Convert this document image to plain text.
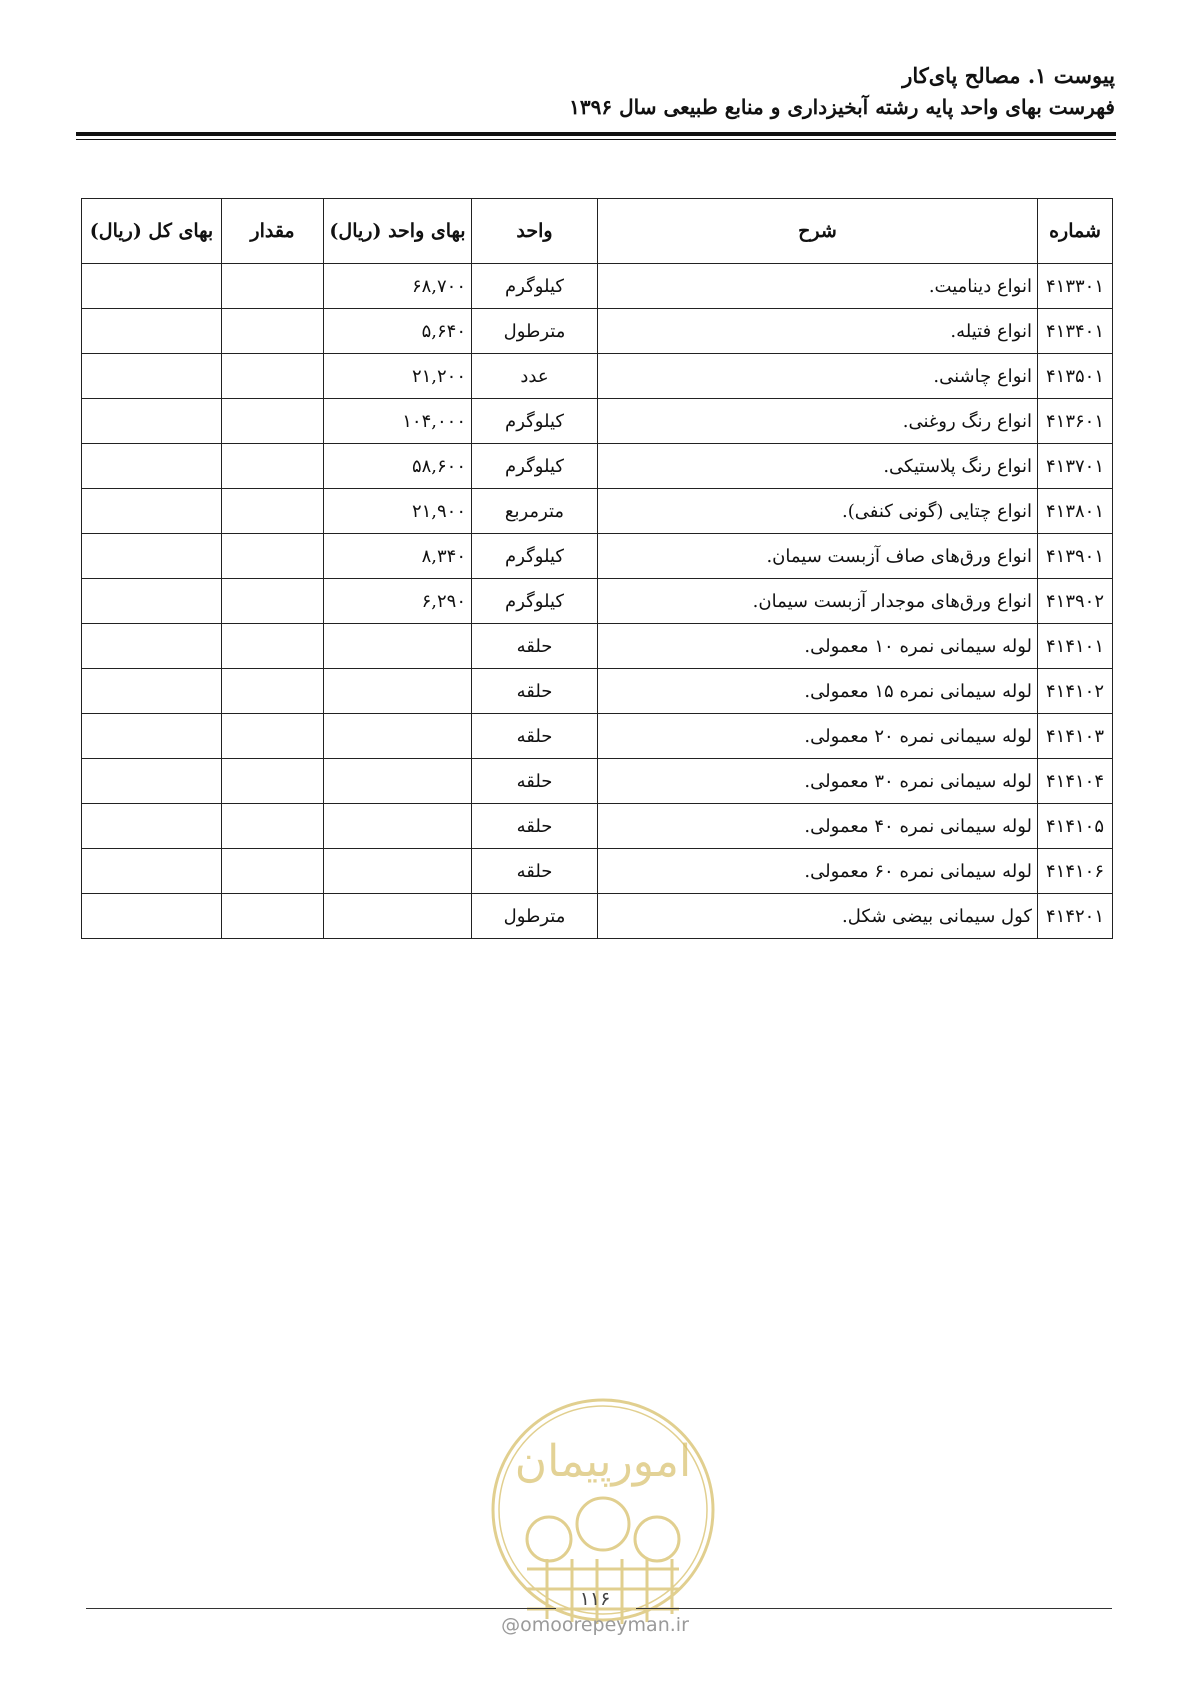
پیوست ۱. مصالح پای‌کار
فهرست بهای واحد پایه رشته آبخیزداری و منابع طبیعی سال ۱۳۹۶
شماره	شرح	واحد	بهای واحد (ریال)	مقدار	بهای کل (ریال)
۴۱۳۳۰۱	انواع دینامیت.	کیلوگرم	۶۸,۷۰۰		
۴۱۳۴۰۱	انواع فتیله.	مترطول	۵,۶۴۰		
۴۱۳۵۰۱	انواع چاشنی.	عدد	۲۱,۲۰۰		
۴۱۳۶۰۱	انواع رنگ روغنی.	کیلوگرم	۱۰۴,۰۰۰		
۴۱۳۷۰۱	انواع رنگ پلاستیکی.	کیلوگرم	۵۸,۶۰۰		
۴۱۳۸۰۱	انواع چتایی (گونی کنفی).	مترمربع	۲۱,۹۰۰		
۴۱۳۹۰۱	انواع ورق‌های صاف آزبست سیمان.	کیلوگرم	۸,۳۴۰		
۴۱۳۹۰۲	انواع ورق‌های موجدار آزبست سیمان.	کیلوگرم	۶,۲۹۰		
۴۱۴۱۰۱	لوله سیمانی نمره ۱۰ معمولی.	حلقه			
۴۱۴۱۰۲	لوله سیمانی نمره ۱۵ معمولی.	حلقه			
۴۱۴۱۰۳	لوله سیمانی نمره ۲۰ معمولی.	حلقه			
۴۱۴۱۰۴	لوله سیمانی نمره ۳۰ معمولی.	حلقه			
۴۱۴۱۰۵	لوله سیمانی نمره ۴۰ معمولی.	حلقه			
۴۱۴۱۰۶	لوله سیمانی نمره ۶۰ معمولی.	حلقه			
۴۱۴۲۰۱	کول سیمانی بیضی شکل.	مترطول			
امورپیمان
۱۱۶
@omoorepeyman.ir
